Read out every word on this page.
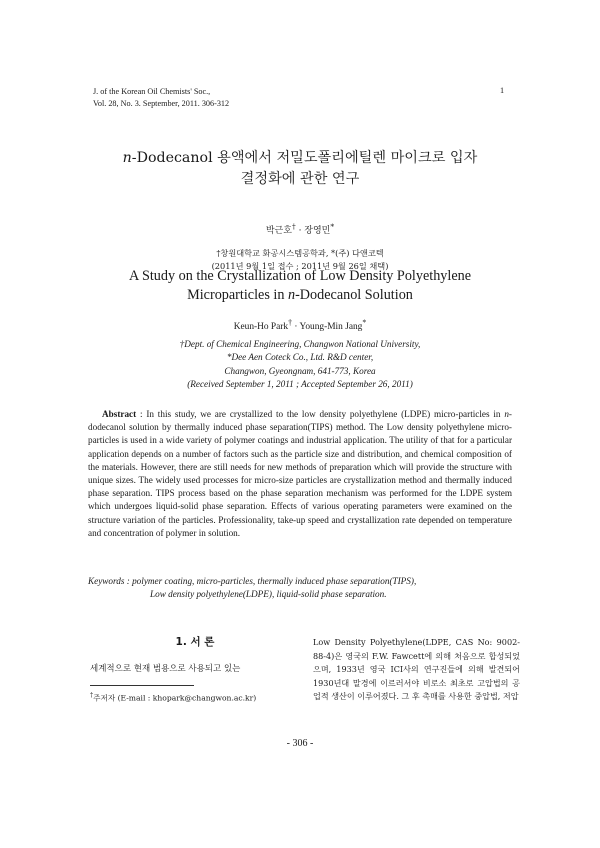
J. of the Korean Oil Chemists' Soc.,
Vol. 28, No. 3. September, 2011. 306-312
1
n-Dodecanol 용액에서 저밀도폴리에틸렌 마이크로 입자
결정화에 관한 연구
박근호† · 장영민*
†창원대학교 화공시스템공학과, *(주) 다앤코텍
(2011년 9월 1일 접수 ; 2011년 9월 26일 채택)
A Study on the Crystallization of Low Density Polyethylene
Microparticles in n-Dodecanol Solution
Keun-Ho Park† · Young-Min Jang*
†Dept. of Chemical Engineering, Changwon National University,
*Dee Aen Coteck Co., Ltd. R&D center,
Changwon, Gyeongnam, 641-773, Korea
(Received September 1, 2011 ; Accepted September 26, 2011)
Abstract : In this study, we are crystallized to the low density polyethylene (LDPE) micro-particles in n-dodecanol solution by thermally induced phase separation(TIPS) method. The Low density polyethylene micro-particles is used in a wide variety of polymer coatings and industrial application. The utility of that for a particular application depends on a number of factors such as the particle size and distribution, and chemical composition of the materials. However, there are still needs for new methods of preparation which will provide the structure with unique sizes. The widely used processes for micro-size particles are crystallization method and thermally induced phase separation. TIPS process based on the phase separation mechanism was performed for the LDPE system which undergoes liquid-solid phase separation. Effects of various operating parameters were examined on the structure variation of the particles. Professionality, take-up speed and crystallization rate depended on temperature and concentration of polymer in solution.
Keywords : polymer coating, micro-particles, thermally induced phase separation(TIPS),
Low density polyethylene(LDPE), liquid-solid phase separation.
1. 서 론
세계적으로 현재 범용으로 사용되고 있는
†주저자 (E-mail : khopark@changwon.ac.kr)

Low Density Polyethylene(LDPE, CAS No: 9002-88-4)은 영국의 F.W. Fawcett에 의해 처음으로 합성되었으며, 1933년 영국 ICI사의 연구진들에 의해 발견되어 1930년대 말경에 이르러서야 비로소 최초로 고압법의 공업적 생산이 이루어졌다. 그 후 촉매를 사용한 중압법, 저압

- 306 -
